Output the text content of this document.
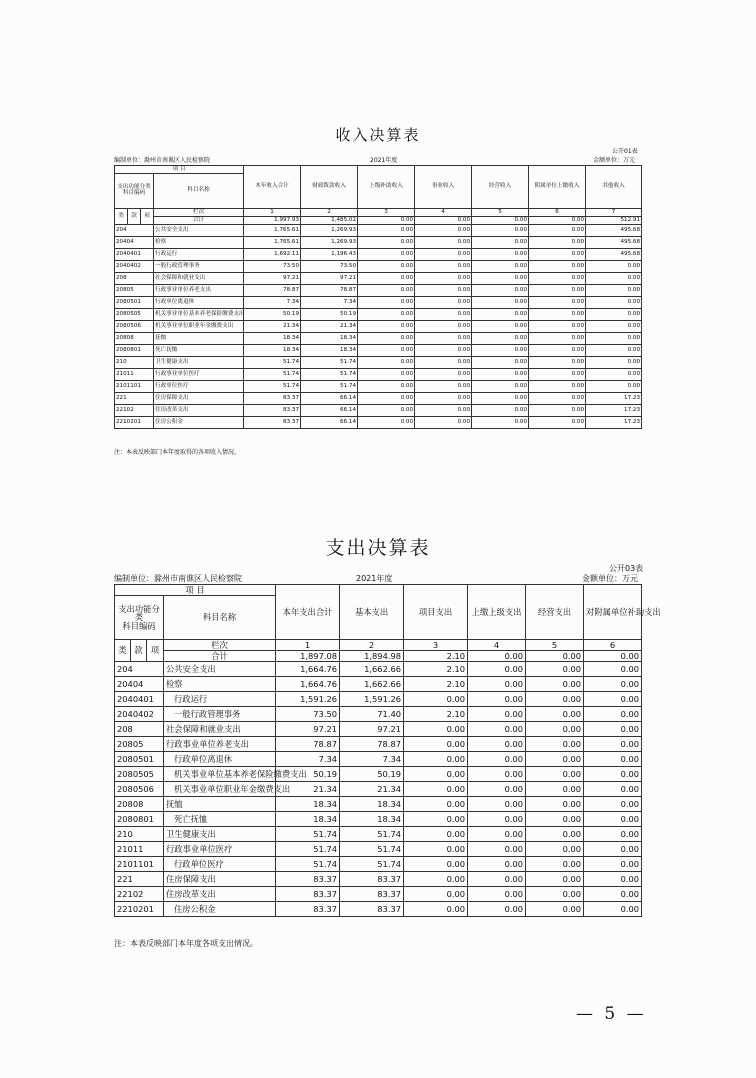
收入决算表
公开01表
编制单位：滁州市南谯区人民检察院	2021年度	金额单位：万元
项 目				本年收入合计	财政拨款收入	上级补助收入	事业收入	经营收入	附属单位上缴收入	其他收入
支出功能分类
科目编码			科目名称							

类	款	项	栏次	1	2	3	4	5	6	7
			合计	1,997.93	1,485.02	0.00	0.00	0.00	0.00	512.91
204			公共安全支出	1,765.61	1,269.93	0.00	0.00	0.00	0.00	495.68
20404			检察	1,765.61	1,269.93	0.00	0.00	0.00	0.00	495.68
2040401			行政运行	1,692.11	1,196.43	0.00	0.00	0.00	0.00	495.68
2040402			一般行政管理事务	73.50	73.50	0.00	0.00	0.00	0.00	0.00
208			社会保障和就业支出	97.21	97.21	0.00	0.00	0.00	0.00	0.00
20805			行政事业单位养老支出	78.87	78.87	0.00	0.00	0.00	0.00	0.00
2080501			行政单位离退休	7.34	7.34	0.00	0.00	0.00	0.00	0.00
2080505			机关事业单位基本养老保险缴费支出	50.19	50.19	0.00	0.00	0.00	0.00	0.00
2080506			机关事业单位职业年金缴费支出	21.34	21.34	0.00	0.00	0.00	0.00	0.00
20808			抚恤	18.34	18.34	0.00	0.00	0.00	0.00	0.00
2080801			死亡抚恤	18.34	18.34	0.00	0.00	0.00	0.00	0.00
210			卫生健康支出	51.74	51.74	0.00	0.00	0.00	0.00	0.00
21011			行政事业单位医疗	51.74	51.74	0.00	0.00	0.00	0.00	0.00
2101101			行政单位医疗	51.74	51.74	0.00	0.00	0.00	0.00	0.00
221			住房保障支出	83.37	66.14	0.00	0.00	0.00	0.00	17.23
22102			住房改革支出	83.37	66.14	0.00	0.00	0.00	0.00	17.23
2210201			住房公积金	83.37	66.14	0.00	0.00	0.00	0.00	17.23
注：本表反映部门本年度取得的各项收入情况。
支出决算表
公开03表
编制单位：滁州市南谯区人民检察院	2021年度	金额单位：万元
项 目				本年支出合计	基本支出	项目支出	上缴上级支出	经营支出	对附属单位补助支出
支出功能分类
科目编码			科目名称						

类	款	项	栏次	1	2	3	4	5	6
			合计	1,897.08	1,894.98	2.10	0.00	0.00	0.00
204			公共安全支出	1,664.76	1,662.66	2.10	0.00	0.00	0.00
20404			检察	1,664.76	1,662.66	2.10	0.00	0.00	0.00
2040401			行政运行	1,591.26	1,591.26	0.00	0.00	0.00	0.00
2040402			一般行政管理事务	73.50	71.40	2.10	0.00	0.00	0.00
208			社会保障和就业支出	97.21	97.21	0.00	0.00	0.00	0.00
20805			行政事业单位养老支出	78.87	78.87	0.00	0.00	0.00	0.00
2080501			行政单位离退休	7.34	7.34	0.00	0.00	0.00	0.00
2080505			机关事业单位基本养老保险缴费支出	50.19	50.19	0.00	0.00	0.00	0.00
2080506			机关事业单位职业年金缴费支出	21.34	21.34	0.00	0.00	0.00	0.00
20808			抚恤	18.34	18.34	0.00	0.00	0.00	0.00
2080801			死亡抚恤	18.34	18.34	0.00	0.00	0.00	0.00
210			卫生健康支出	51.74	51.74	0.00	0.00	0.00	0.00
21011			行政事业单位医疗	51.74	51.74	0.00	0.00	0.00	0.00
2101101			行政单位医疗	51.74	51.74	0.00	0.00	0.00	0.00
221			住房保障支出	83.37	83.37	0.00	0.00	0.00	0.00
22102			住房改革支出	83.37	83.37	0.00	0.00	0.00	0.00
2210201			住房公积金	83.37	83.37	0.00	0.00	0.00	0.00
注：本表反映部门本年度各项支出情况。
— 5 —
